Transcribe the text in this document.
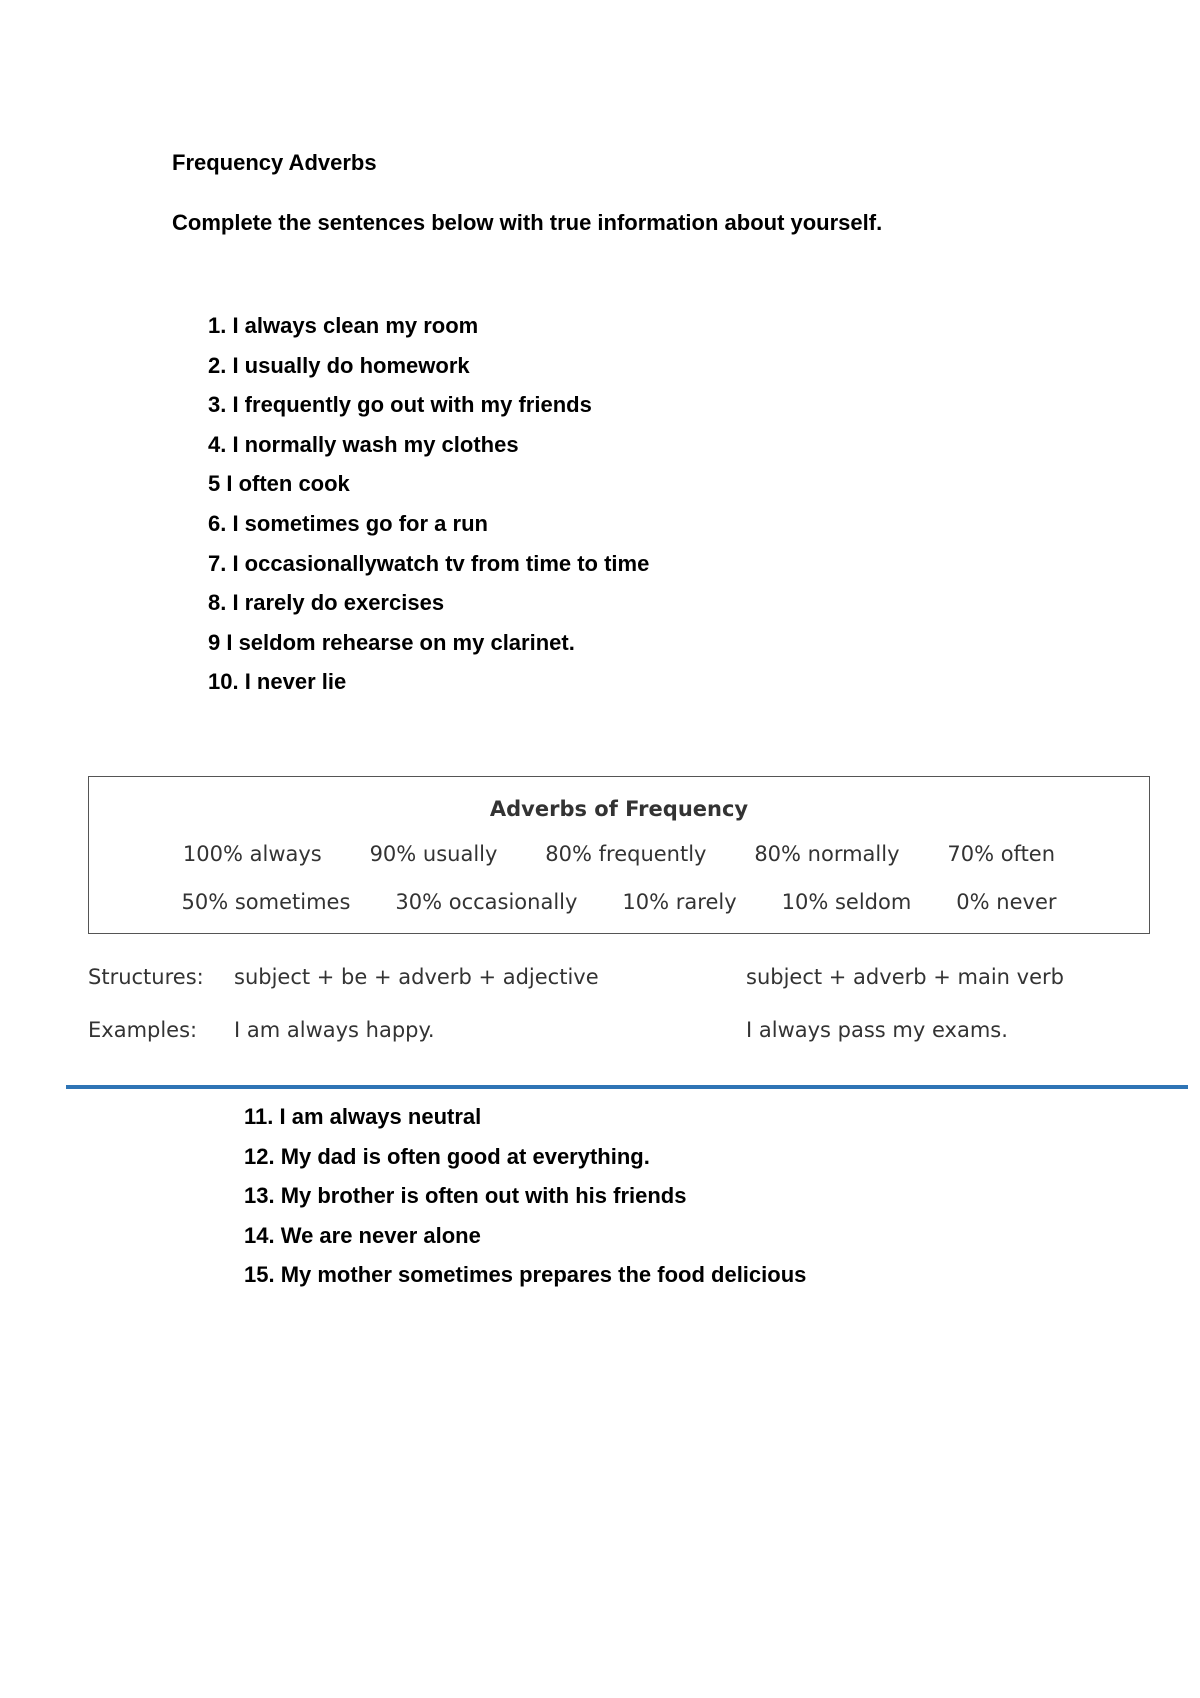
Frequency Adverbs
Complete the sentences below with true information about yourself.
1. I always clean my room
2. I usually do homework
3. I frequently go out with my friends
4. I normally wash my clothes
5 I often cook
6. I sometimes go for a run
7. I occasionallywatch tv from time to time
8. I rarely do exercises
9 I seldom rehearse on my clarinet.
10. I never lie
Adverbs of Frequency
100% always 90% usually 80% frequently 80% normally 70% often
50% sometimes 30% occasionally 10% rarely 10% seldom 0% never
Structures: subject + be + adverb + adjective	subject + adverb + main verb
Examples: I am always happy.	I always pass my exams.
11. I am always neutral
12. My dad is often good at everything.
13. My brother is often out with his friends
14. We are never alone
15. My mother sometimes prepares the food delicious
